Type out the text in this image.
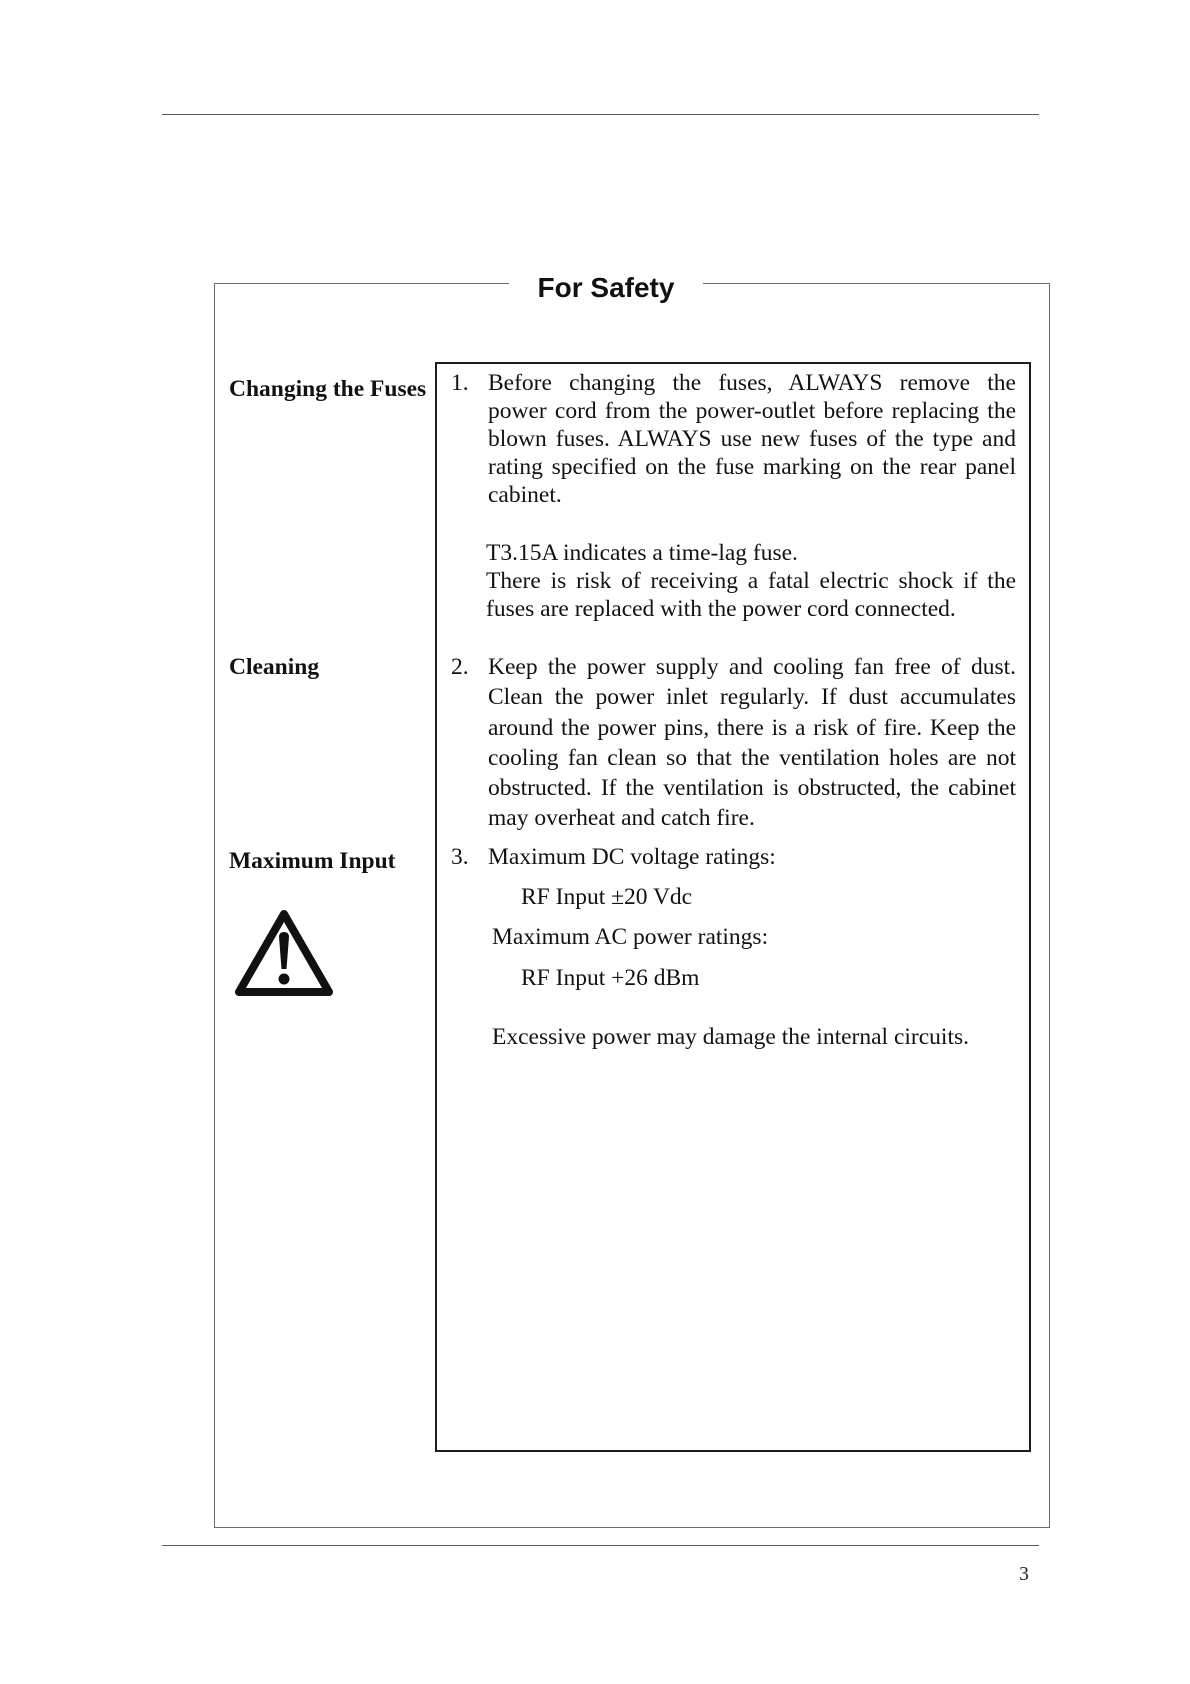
For Safety
Changing the Fuses
Cleaning
Maximum Input
1. Before changing the fuses, ALWAYS remove the
power cord from the power-outlet before replacing the
blown fuses. ALWAYS use new fuses of the type and
rating specified on the fuse marking on the rear panel
cabinet.
T3.15A indicates a time-lag fuse.
There is risk of receiving a fatal electric shock if the
fuses are replaced with the power cord connected.
2. Keep the power supply and cooling fan free of dust.
Clean the power inlet regularly. If dust accumulates
around the power pins, there is a risk of fire. Keep the
cooling fan clean so that the ventilation holes are not
obstructed. If the ventilation is obstructed, the cabinet
may overheat and catch fire.
3. Maximum DC voltage ratings:
RF Input ±20 Vdc
Maximum AC power ratings:
RF Input +26 dBm
Excessive power may damage the internal circuits.
3
